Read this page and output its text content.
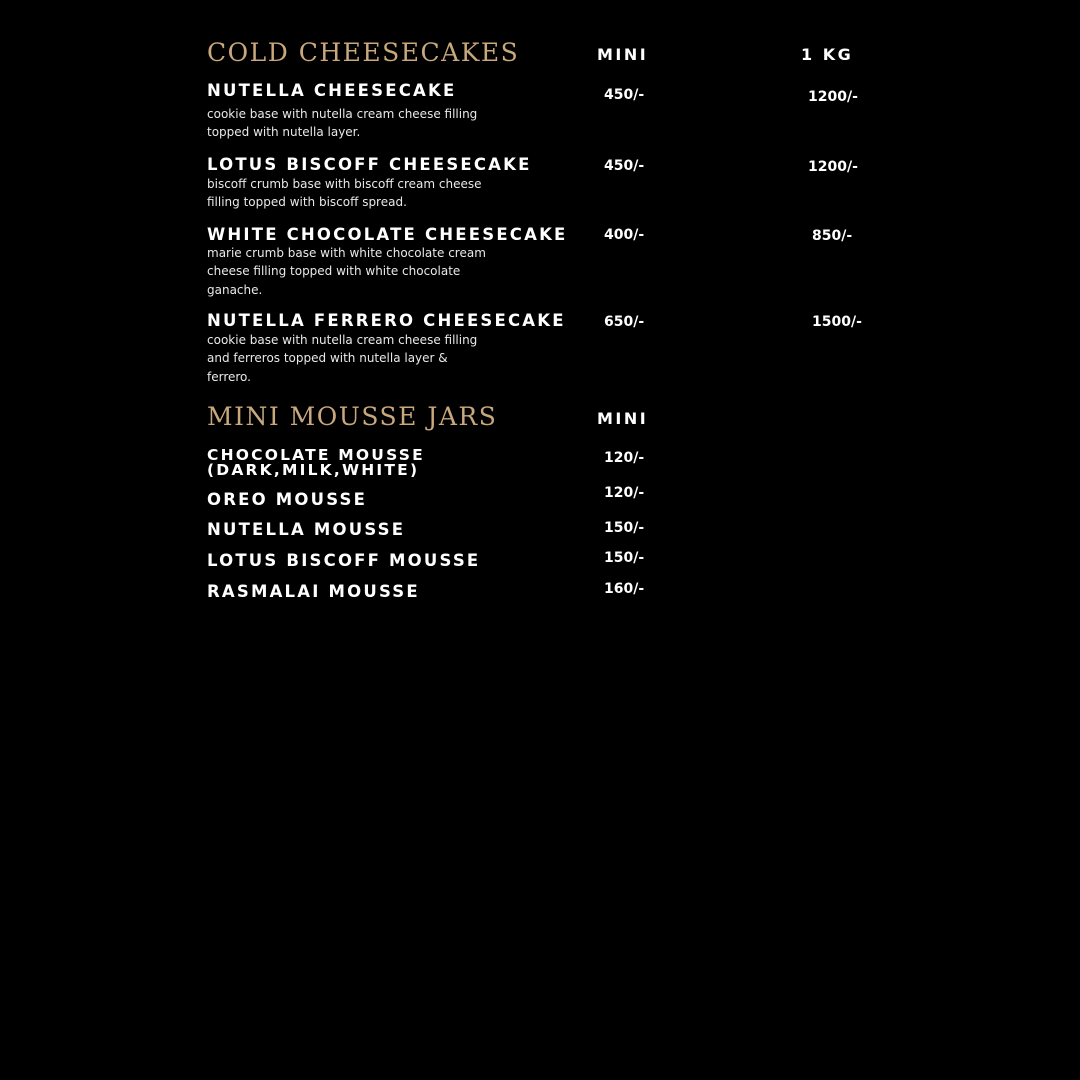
COLD CHEESECAKES	MINI	1 KG
NUTELLA CHEESECAKE
cookie base with nutella cream cheese filling
topped with nutella layer.
450/-	1200/-
LOTUS BISCOFF CHEESECAKE
biscoff crumb base with biscoff cream cheese
filling topped with biscoff spread.
450/-	1200/-
WHITE CHOCOLATE CHEESECAKE
marie crumb base with white chocolate cream
cheese filling topped with white chocolate
ganache.
400/-	850/-
NUTELLA FERRERO CHEESECAKE
cookie base with nutella cream cheese filling
and ferreros topped with nutella layer &
ferrero.
650/-	1500/-
MINI MOUSSE JARS	MINI
CHOCOLATE MOUSSE
(DARK,MILK,WHITE)
120/-
OREO MOUSSE	120/-
NUTELLA MOUSSE	150/-
LOTUS BISCOFF MOUSSE	150/-
RASMALAI MOUSSE	160/-
